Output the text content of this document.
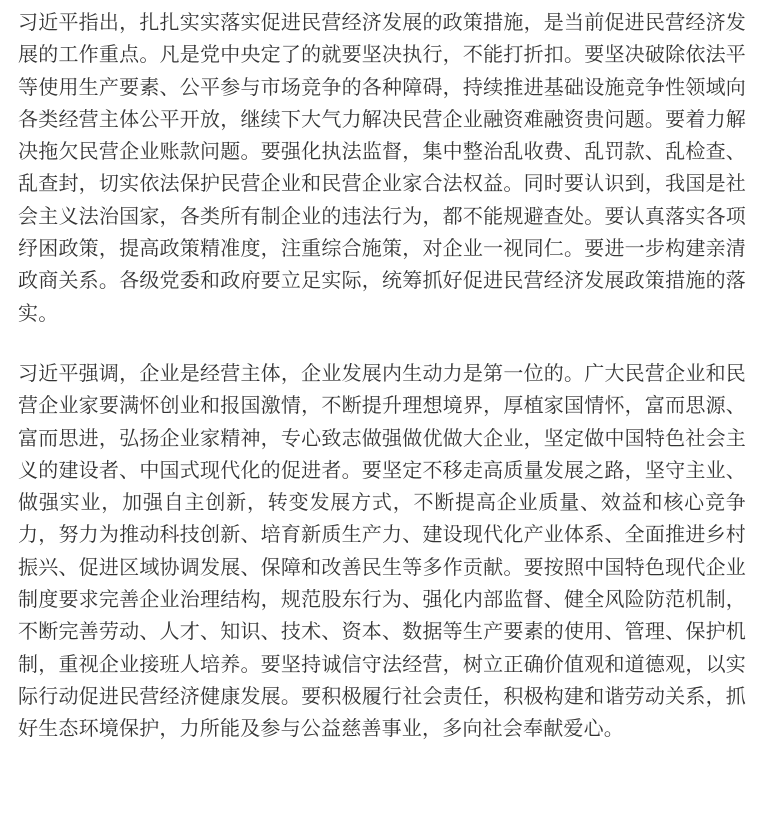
习近平指出，扎扎实实落实促进民营经济发展的政策措施，是当前促进民营经济发展的工作重点。凡是党中央定了的就要坚决执行，不能打折扣。要坚决破除依法平等使用生产要素、公平参与市场竞争的各种障碍，持续推进基础设施竞争性领域向各类经营主体公平开放，继续下大气力解决民营企业融资难融资贵问题。要着力解决拖欠民营企业账款问题。要强化执法监督，集中整治乱收费、乱罚款、乱检查、乱查封，切实依法保护民营企业和民营企业家合法权益。同时要认识到，我国是社会主义法治国家，各类所有制企业的违法行为，都不能规避查处。要认真落实各项纾困政策，提高政策精准度，注重综合施策，对企业一视同仁。要进一步构建亲清政商关系。各级党委和政府要立足实际，统筹抓好促进民营经济发展政策措施的落实。

习近平强调，企业是经营主体，企业发展内生动力是第一位的。广大民营企业和民营企业家要满怀创业和报国激情，不断提升理想境界，厚植家国情怀，富而思源、富而思进，弘扬企业家精神，专心致志做强做优做大企业，坚定做中国特色社会主义的建设者、中国式现代化的促进者。要坚定不移走高质量发展之路，坚守主业、做强实业，加强自主创新，转变发展方式，不断提高企业质量、效益和核心竞争力，努力为推动科技创新、培育新质生产力、建设现代化产业体系、全面推进乡村振兴、促进区域协调发展、保障和改善民生等多作贡献。要按照中国特色现代企业制度要求完善企业治理结构，规范股东行为、强化内部监督、健全风险防范机制，不断完善劳动、人才、知识、技术、资本、数据等生产要素的使用、管理、保护机制，重视企业接班人培养。要坚持诚信守法经营，树立正确价值观和道德观，以实际行动促进民营经济健康发展。要积极履行社会责任，积极构建和谐劳动关系，抓好生态环境保护，力所能及参与公益慈善事业，多向社会奉献爱心。
